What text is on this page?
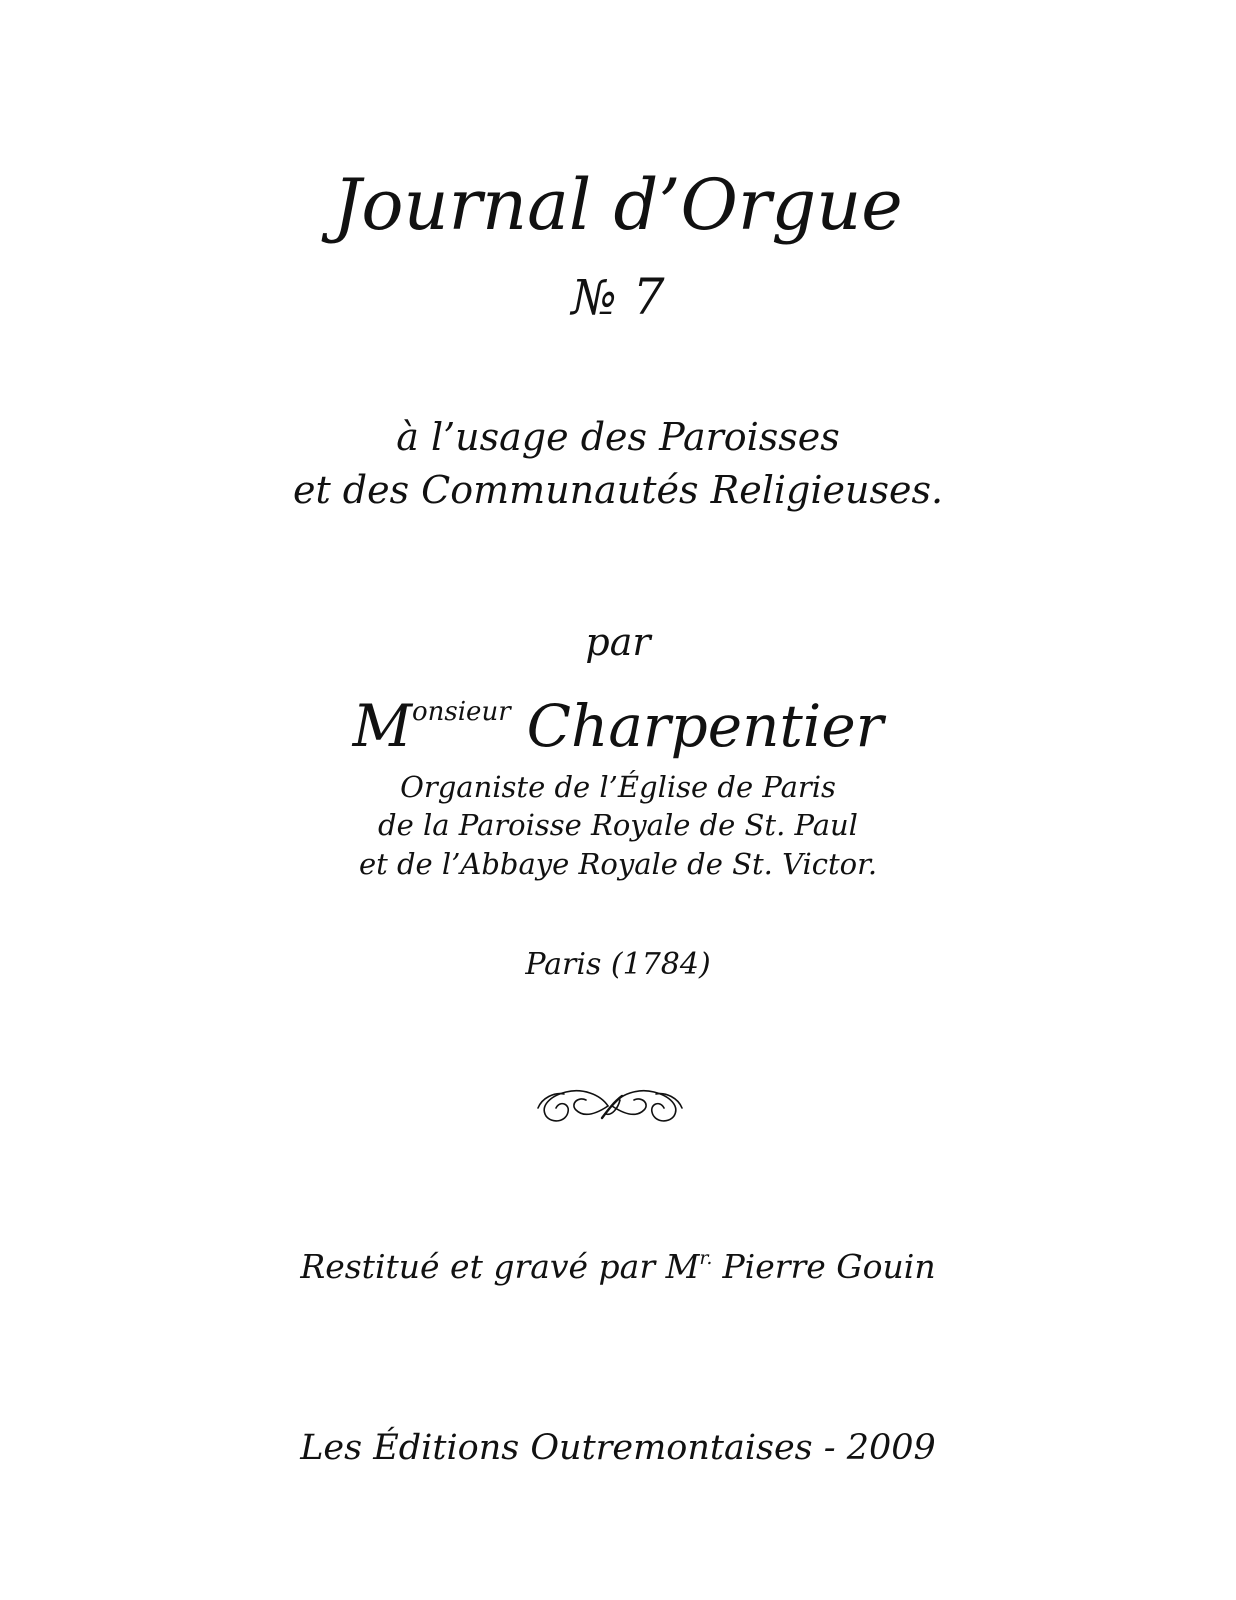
Journal d’Orgue
№ 7
à l’usage des Paroisses
et des Communautés Religieuses.
par
$M^{onsieur}$ Charpentier
Organiste de l’Église de Paris
de la Paroisse Royale de St. Paul
et de l’Abbaye Royale de St. Victor.
Paris (1784)
Restitué et gravé par $M^{r.}$ Pierre Gouin
Les Éditions Outremontaises - 2009
